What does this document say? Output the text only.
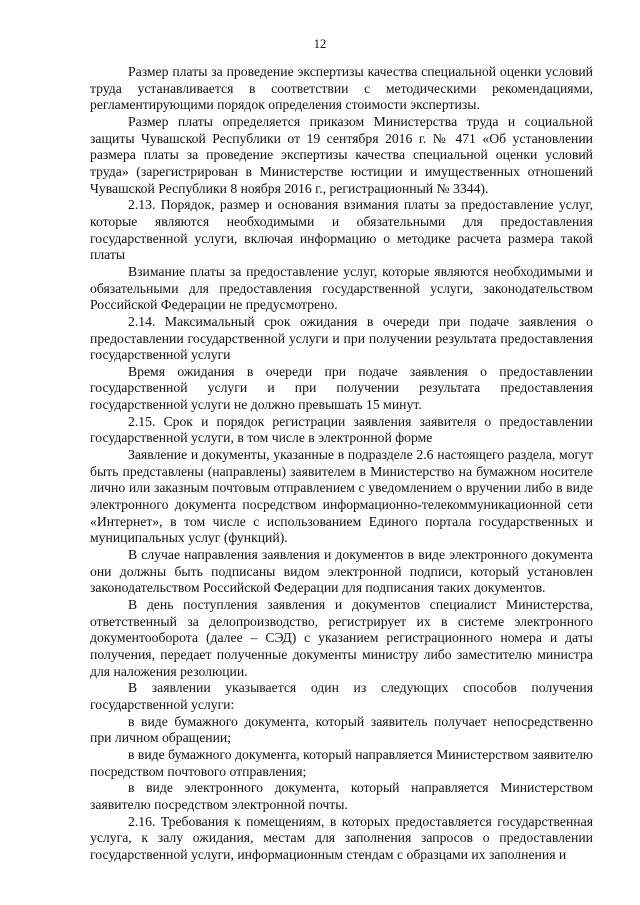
12

Размер платы за проведение экспертизы качества специальной оценки условий труда устанавливается в соответствии с методическими рекомендациями, регламентирующими порядок определения стоимости экспертизы.

Размер платы определяется приказом Министерства труда и социальной защиты Чувашской Республики от 19 сентября 2016 г. № 471 «Об установлении размера платы за проведение экспертизы качества специальной оценки условий труда» (зарегистрирован в Министерстве юстиции и имущественных отношений Чувашской Республики 8 ноября 2016 г., регистрационный № 3344).

2.13. Порядок, размер и основания взимания платы за предоставление услуг, которые являются необходимыми и обязательными для предоставления государственной услуги, включая информацию о методике расчета размера такой платы

Взимание платы за предоставление услуг, которые являются необходимыми и обязательными для предоставления государственной услуги, законодательством Российской Федерации не предусмотрено.

2.14. Максимальный срок ожидания в очереди при подаче заявления о предоставлении государственной услуги и при получении результата предоставления государственной услуги

Время ожидания в очереди при подаче заявления о предоставлении государственной услуги и при получении результата предоставления государственной услуги не должно превышать 15 минут.

2.15. Срок и порядок регистрации заявления заявителя о предоставлении государственной услуги, в том числе в электронной форме

Заявление и документы, указанные в подразделе 2.6 настоящего раздела, могут быть представлены (направлены) заявителем в Министерство на бумажном носителе лично или заказным почтовым отправлением с уведомлением о вручении либо в виде электронного документа посредством информационно-телекоммуникационной сети «Интернет», в том числе с использованием Единого портала государственных и муниципальных услуг (функций).

В случае направления заявления и документов в виде электронного документа они должны быть подписаны видом электронной подписи, который установлен законодательством Российской Федерации для подписания таких документов.

В день поступления заявления и документов специалист Министерства, ответственный за делопроизводство, регистрирует их в системе электронного документооборота (далее – СЭД) с указанием регистрационного номера и даты получения, передает полученные документы министру либо заместителю министра для наложения резолюции.

В заявлении указывается один из следующих способов получения государственной услуги:

в виде бумажного документа, который заявитель получает непосредственно при личном обращении;

в виде бумажного документа, который направляется Министерством заявителю посредством почтового отправления;

в виде электронного документа, который направляется Министерством заявителю посредством электронной почты.

2.16. Требования к помещениям, в которых предоставляется государственная услуга, к залу ожидания, местам для заполнения запросов о предоставлении государственной услуги, информационным стендам с образцами их заполнения и
